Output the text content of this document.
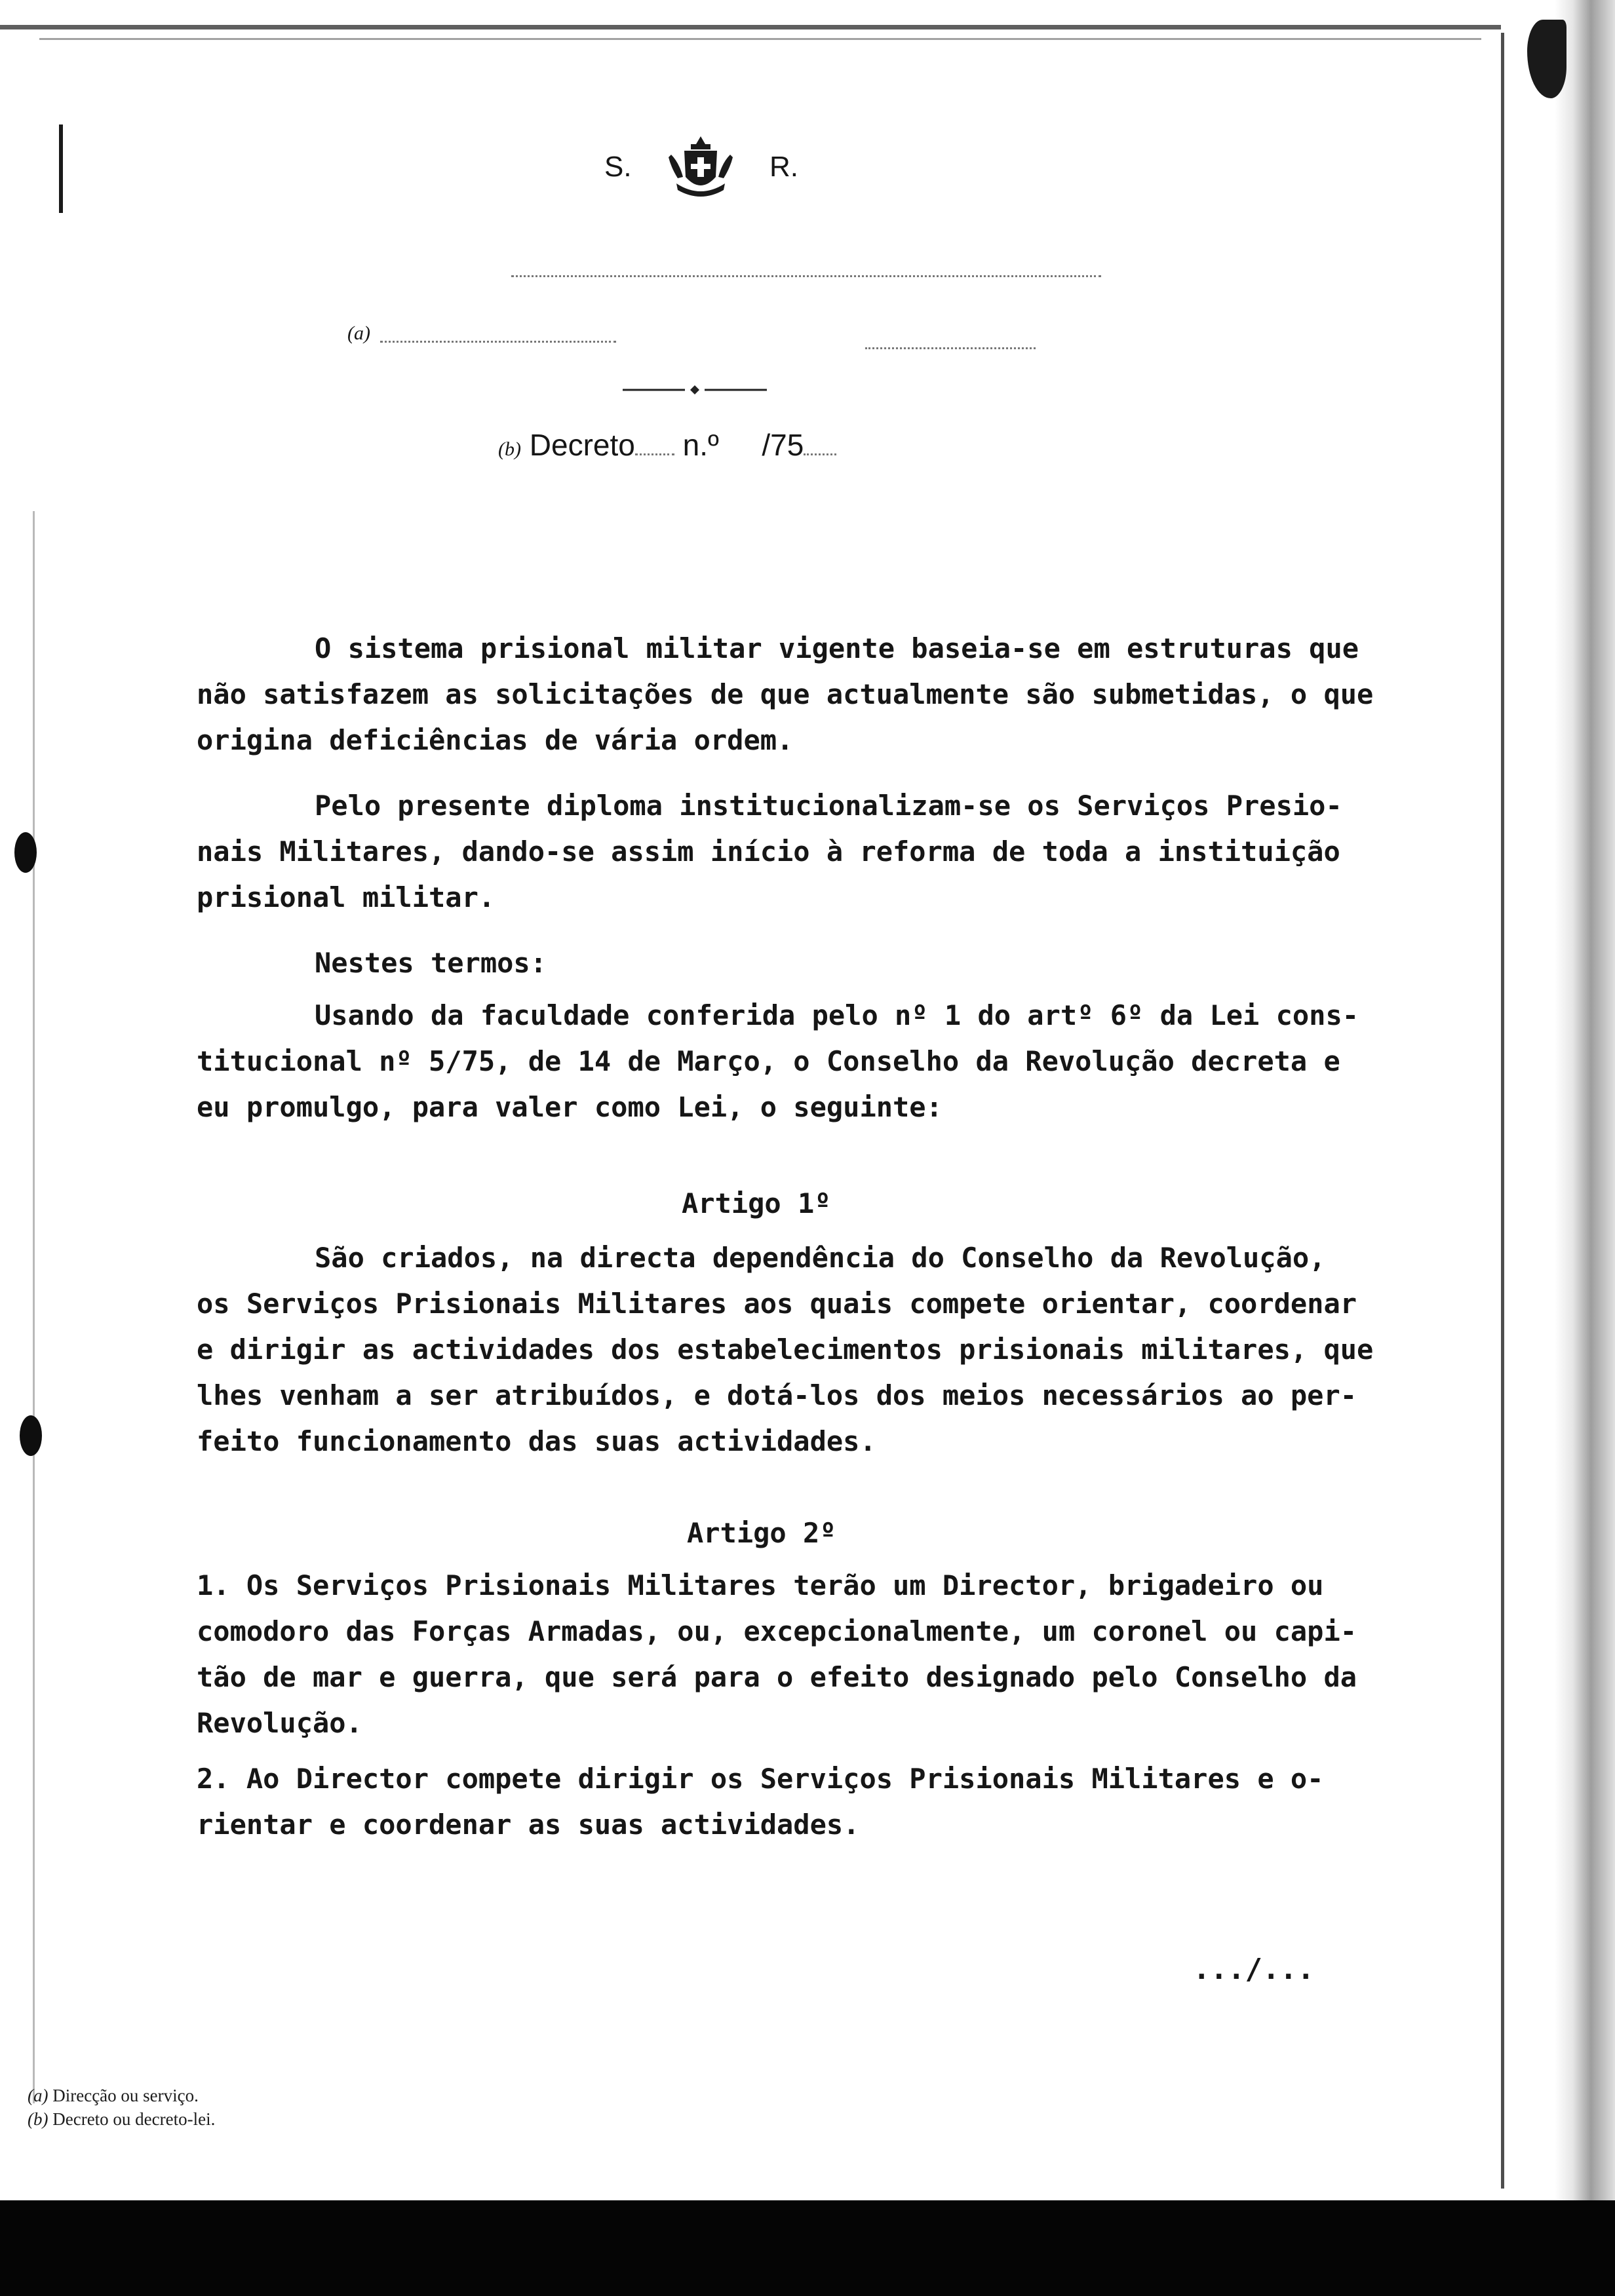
S.	R.
(a)
(b) Decreto n.º /75
O sistema prisional militar vigente baseia-se em estruturas que
não satisfazem as solicitações de que actualmente são submetidas, o que
origina deficiências de vária ordem.
Pelo presente diploma institucionalizam-se os Serviços Presio-
nais Militares, dando-se assim início à reforma de toda a instituição
prisional militar.
Nestes termos:
Usando da faculdade conferida pelo nº 1 do artº 6º da Lei cons-
titucional nº 5/75, de 14 de Março, o Conselho da Revolução decreta e
eu promulgo, para valer como Lei, o seguinte:
Artigo 1º
São criados, na directa dependência do Conselho da Revolução,
os Serviços Prisionais Militares aos quais compete orientar, coordenar
e dirigir as actividades dos estabelecimentos prisionais militares, que
lhes venham a ser atribuídos, e dotá-los dos meios necessários ao per-
feito funcionamento das suas actividades.
Artigo 2º
1. Os Serviços Prisionais Militares terão um Director, brigadeiro ou
comodoro das Forças Armadas, ou, excepcionalmente, um coronel ou capi-
tão de mar e guerra, que será para o efeito designado pelo Conselho da
Revolução.
2. Ao Director compete dirigir os Serviços Prisionais Militares e o-
rientar e coordenar as suas actividades.
.../...
(a) Direcção ou serviço.
(b) Decreto ou decreto-lei.
